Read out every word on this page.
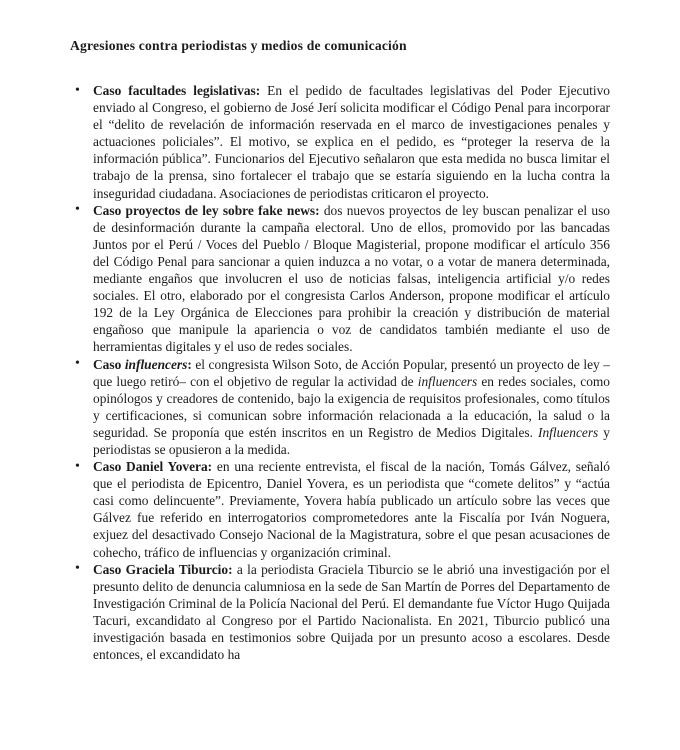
Agresiones contra periodistas y medios de comunicación
• Caso facultades legislativas: En el pedido de facultades legislativas del Poder Ejecutivo enviado al Congreso, el gobierno de José Jerí solicita modificar el Código Penal para incorporar el “delito de revelación de información reservada en el marco de investigaciones penales y actuaciones policiales”. El motivo, se explica en el pedido, es “proteger la reserva de la información pública”. Funcionarios del Ejecutivo señalaron que esta medida no busca limitar el trabajo de la prensa, sino fortalecer el trabajo que se estaría siguiendo en la lucha contra la inseguridad ciudadana. Asociaciones de periodistas criticaron el proyecto.
• Caso proyectos de ley sobre fake news: dos nuevos proyectos de ley buscan penalizar el uso de desinformación durante la campaña electoral. Uno de ellos, promovido por las bancadas Juntos por el Perú / Voces del Pueblo / Bloque Magisterial, propone modificar el artículo 356 del Código Penal para sancionar a quien induzca a no votar, o a votar de manera determinada, mediante engaños que involucren el uso de noticias falsas, inteligencia artificial y/o redes sociales. El otro, elaborado por el congresista Carlos Anderson, propone modificar el artículo 192 de la Ley Orgánica de Elecciones para prohibir la creación y distribución de material engañoso que manipule la apariencia o voz de candidatos también mediante el uso de herramientas digitales y el uso de redes sociales.
• Caso influencers: el congresista Wilson Soto, de Acción Popular, presentó un proyecto de ley –que luego retiró– con el objetivo de regular la actividad de influencers en redes sociales, como opinólogos y creadores de contenido, bajo la exigencia de requisitos profesionales, como títulos y certificaciones, si comunican sobre información relacionada a la educación, la salud o la seguridad. Se proponía que estén inscritos en un Registro de Medios Digitales. Influencers y periodistas se opusieron a la medida.
• Caso Daniel Yovera: en una reciente entrevista, el fiscal de la nación, Tomás Gálvez, señaló que el periodista de Epicentro, Daniel Yovera, es un periodista que “comete delitos” y “actúa casi como delincuente”. Previamente, Yovera había publicado un artículo sobre las veces que Gálvez fue referido en interrogatorios comprometedores ante la Fiscalía por Iván Noguera, exjuez del desactivado Consejo Nacional de la Magistratura, sobre el que pesan acusaciones de cohecho, tráfico de influencias y organización criminal.
• Caso Graciela Tiburcio: a la periodista Graciela Tiburcio se le abrió una investigación por el presunto delito de denuncia calumniosa en la sede de San Martín de Porres del Departamento de Investigación Criminal de la Policía Nacional del Perú. El demandante fue Víctor Hugo Quijada Tacuri, excandidato al Congreso por el Partido Nacionalista. En 2021, Tiburcio publicó una investigación basada en testimonios sobre Quijada por un presunto acoso a escolares. Desde entonces, el excandidato ha
